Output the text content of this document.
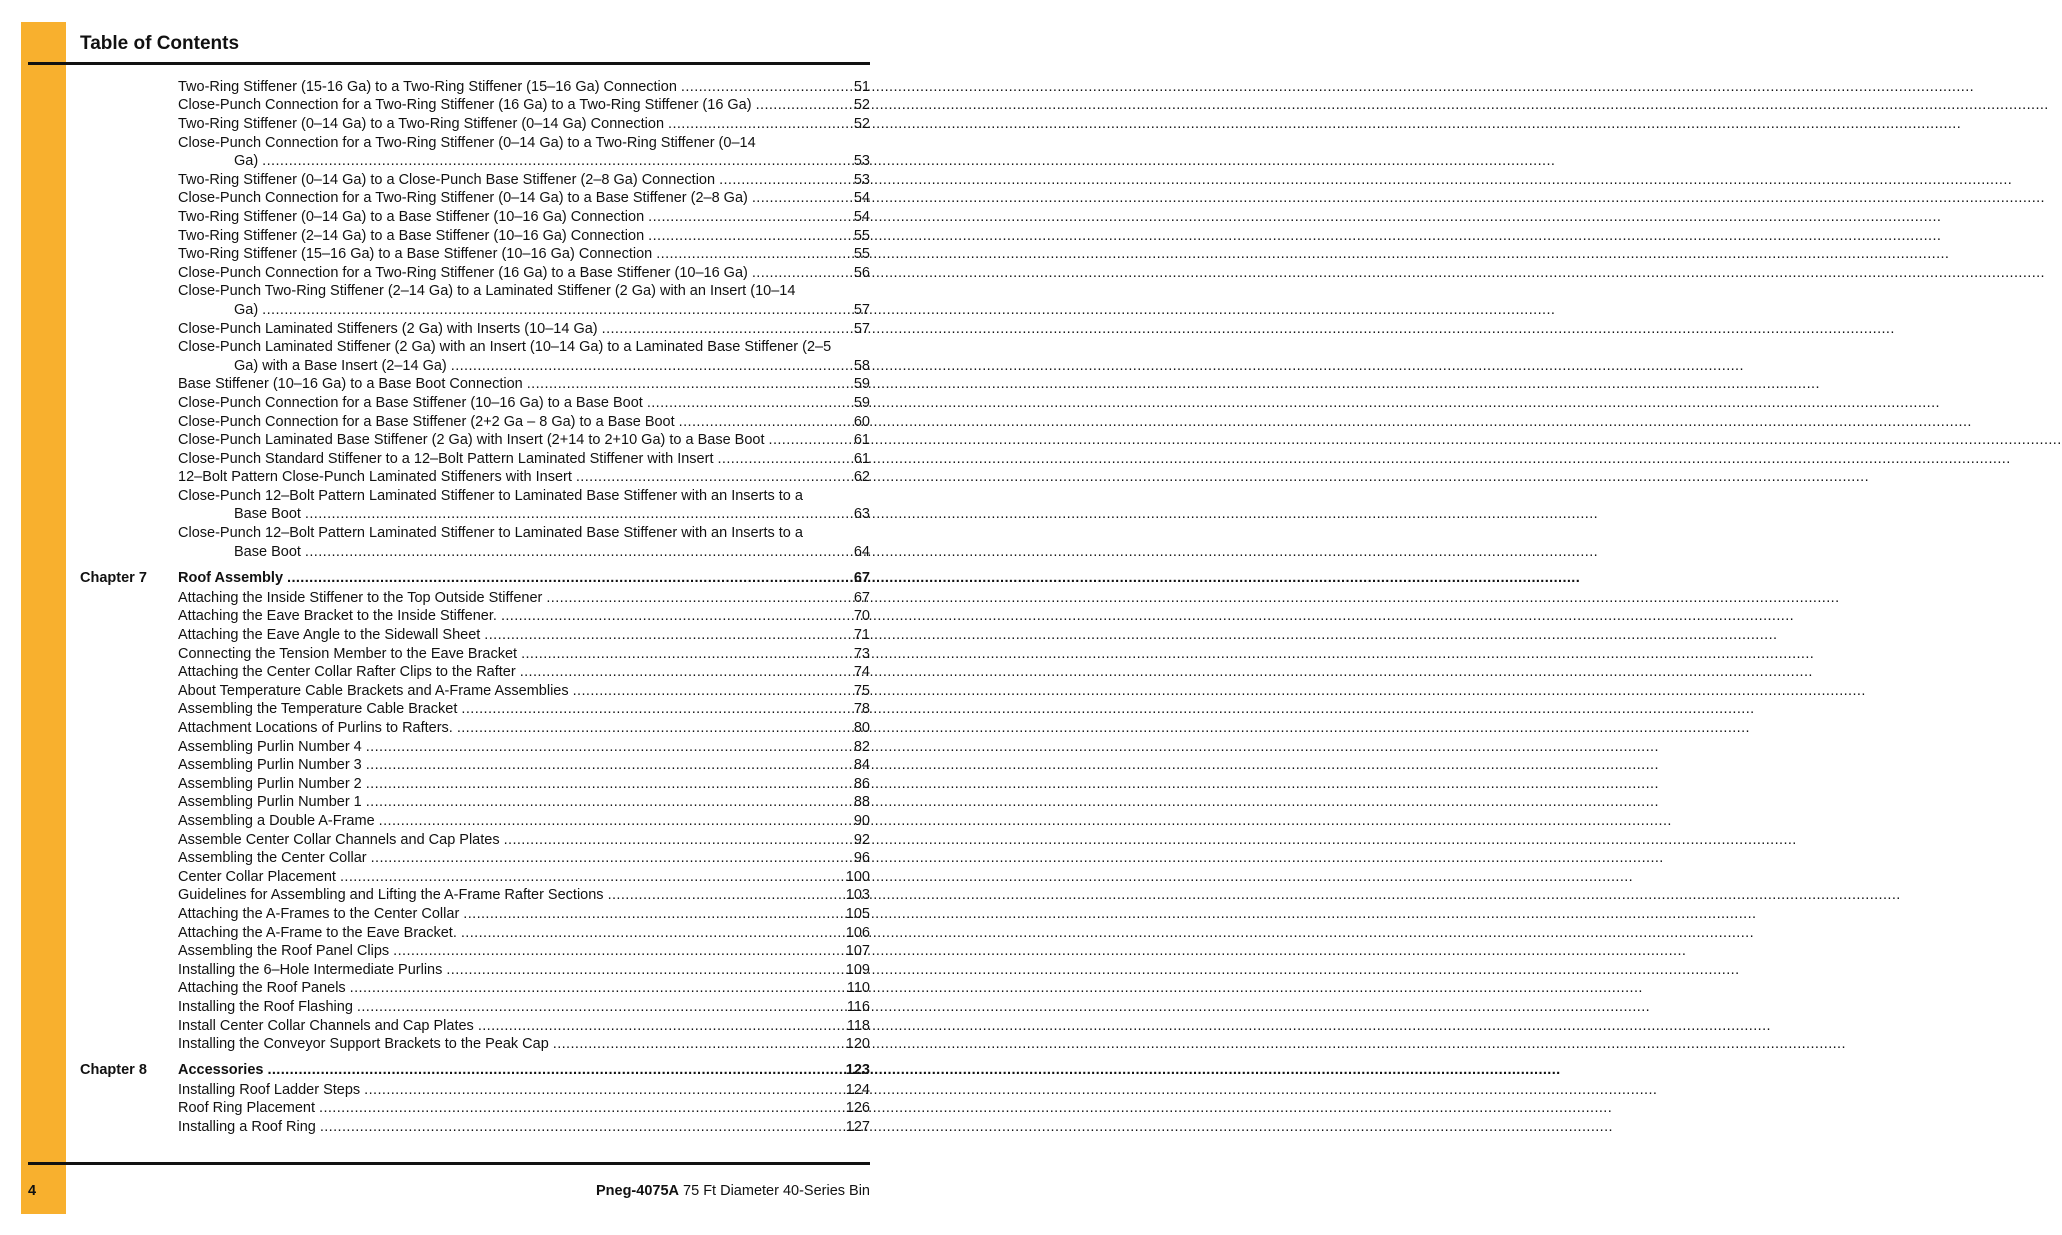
Table of Contents
Two-Ring Stiffener (15-16 Ga) to a Two-Ring Stiffener (15–16 Ga) Connection .....	51
Close-Punch Connection for a Two-Ring Stiffener (16 Ga) to a Two-Ring Stiffener (16 Ga) .....	52
Two-Ring Stiffener (0–14 Ga) to a Two-Ring Stiffener (0–14 Ga) Connection .....	52
Close-Punch Connection for a Two-Ring Stiffener (0–14 Ga) to a Two-Ring Stiffener (0–14
Ga) .....	53
Two-Ring Stiffener (0–14 Ga) to a Close-Punch Base Stiffener (2–8 Ga) Connection .....	53
Close-Punch Connection for a Two-Ring Stiffener (0–14 Ga) to a Base Stiffener (2–8 Ga) .....	54
Two-Ring Stiffener (0–14 Ga) to a Base Stiffener (10–16 Ga) Connection .....	54
Two-Ring Stiffener (2–14 Ga) to a Base Stiffener (10–16 Ga) Connection .....	55
Two-Ring Stiffener (15–16 Ga) to a Base Stiffener (10–16 Ga) Connection .....	55
Close-Punch Connection for a Two-Ring Stiffener (16 Ga) to a Base Stiffener (10–16 Ga) .....	56
Close-Punch Two-Ring Stiffener (2–14 Ga) to a Laminated Stiffener (2 Ga) with an Insert (10–14
Ga) .....	57
Close-Punch Laminated Stiffeners (2 Ga) with Inserts (10–14 Ga) .....	57
Close-Punch Laminated Stiffener (2 Ga) with an Insert (10–14 Ga) to a Laminated Base Stiffener (2–5
Ga) with a Base Insert (2–14 Ga) .....	58
Base Stiffener (10–16 Ga) to a Base Boot Connection .....	59
Close-Punch Connection for a Base Stiffener (10–16 Ga) to a Base Boot .....	59
Close-Punch Connection for a Base Stiffener (2+2 Ga – 8 Ga) to a Base Boot .....	60
Close-Punch Laminated Base Stiffener (2 Ga) with Insert (2+14 to 2+10 Ga) to a Base Boot .....	61
Close-Punch Standard Stiffener to a 12–Bolt Pattern Laminated Stiffener with Insert .....	61
12–Bolt Pattern Close-Punch Laminated Stiffeners with Insert .....	62
Close-Punch 12–Bolt Pattern Laminated Stiffener to Laminated Base Stiffener with an Inserts to a
Base Boot .....	63
Close-Punch 12–Bolt Pattern Laminated Stiffener to Laminated Base Stiffener with an Inserts to a
Base Boot .....	64
Chapter 7 Roof Assembly .....	67
Attaching the Inside Stiffener to the Top Outside Stiffener .....	67
Attaching the Eave Bracket to the Inside Stiffener. .....	70
Attaching the Eave Angle to the Sidewall Sheet .....	71
Connecting the Tension Member to the Eave Bracket .....	73
Attaching the Center Collar Rafter Clips to the Rafter .....	74
About Temperature Cable Brackets and A-Frame Assemblies .....	75
Assembling the Temperature Cable Bracket .....	78
Attachment Locations of Purlins to Rafters. .....	80
Assembling Purlin Number 4 .....	82
Assembling Purlin Number 3 .....	84
Assembling Purlin Number 2 .....	86
Assembling Purlin Number 1 .....	88
Assembling a Double A-Frame .....	90
Assemble Center Collar Channels and Cap Plates .....	92
Assembling the Center Collar .....	96
Center Collar Placement .....	100
Guidelines for Assembling and Lifting the A-Frame Rafter Sections .....	103
Attaching the A-Frames to the Center Collar .....	105
Attaching the A-Frame to the Eave Bracket. .....	106
Assembling the Roof Panel Clips .....	107
Installing the 6–Hole Intermediate Purlins .....	109
Attaching the Roof Panels .....	110
Installing the Roof Flashing .....	116
Install Center Collar Channels and Cap Plates .....	118
Installing the Conveyor Support Brackets to the Peak Cap .....	120
Chapter 8 Accessories .....	123
Installing Roof Ladder Steps .....	124
Roof Ring Placement .....	126
Installing a Roof Ring .....	127
4	Pneg-4075A 75 Ft Diameter 40-Series Bin
